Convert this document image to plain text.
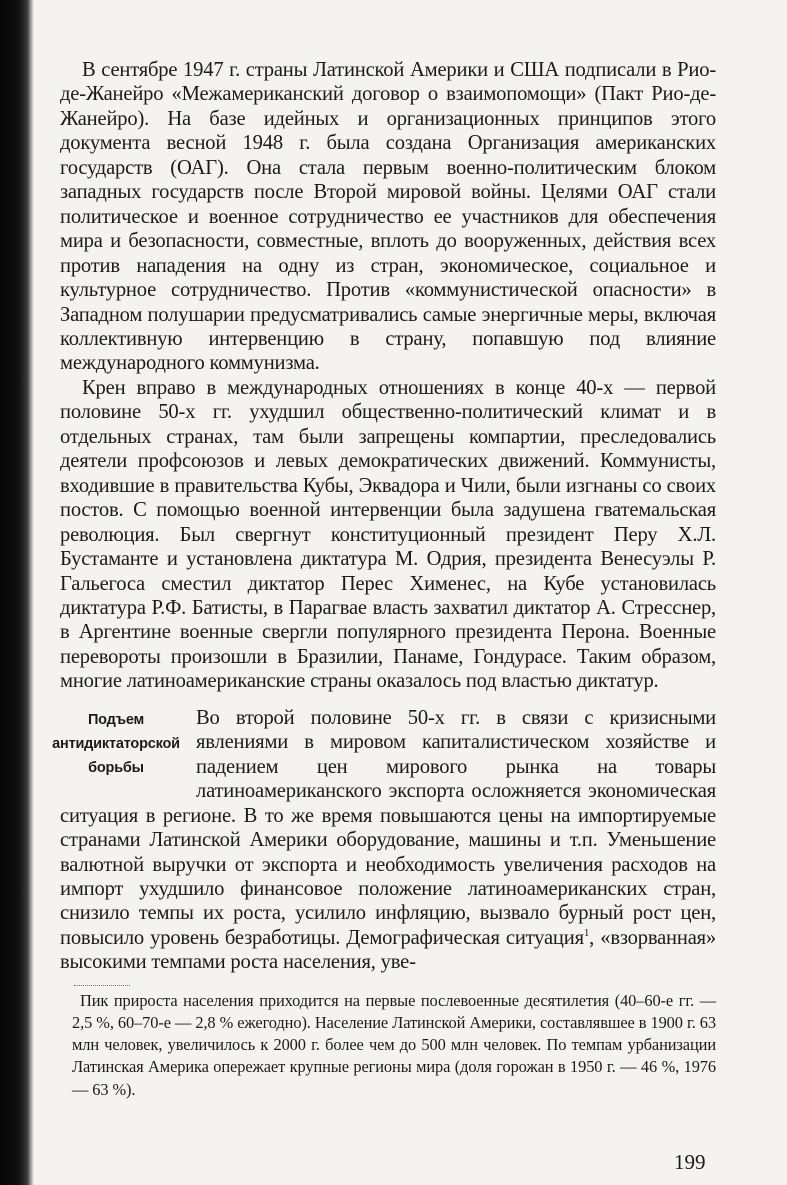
В сентябре 1947 г. страны Латинской Америки и США подписали в Рио-де-Жанейро «Межамериканский договор о взаимопомощи» (Пакт Рио-де-Жанейро). На базе идейных и организационных принципов этого документа весной 1948 г. была создана Организация американских государств (ОАГ). Она стала первым военно-политическим блоком западных государств после Второй мировой войны. Целями ОАГ стали политическое и военное сотрудничество ее участников для обеспечения мира и безопасности, совместные, вплоть до вооруженных, действия всех против нападения на одну из стран, экономическое, социальное и культурное сотрудничество. Против «коммунистической опасности» в Западном полушарии предусматривались самые энергичные меры, включая коллективную интервенцию в страну, попавшую под влияние международного коммунизма.

Крен вправо в международных отношениях в конце 40-х — первой половине 50-х гг. ухудшил общественно-политический климат и в отдельных странах, там были запрещены компартии, преследовались деятели профсоюзов и левых демократических движений. Коммунисты, входившие в правительства Кубы, Эквадора и Чили, были изгнаны со своих постов. С помощью военной интервенции была задушена гватемальская революция. Был свергнут конституционный президент Перу Х.Л. Бустаманте и установлена диктатура М. Одрия, президента Венесуэлы Р. Гальегоса сместил диктатор Перес Хименес, на Кубе установилась диктатура Р.Ф. Батисты, в Парагвае власть захватил диктатор А. Стресснер, в Аргентине военные свергли популярного президента Перона. Военные перевороты произошли в Бразилии, Панаме, Гондурасе. Таким образом, многие латиноамериканские страны оказалось под властью диктатур.

Подъем антидиктаторской борьбы
Во второй половине 50-х гг. в связи с кризисными явлениями в мировом капиталистическом хозяйстве и падением цен мирового рынка на товары латиноамериканского экспорта осложняется экономическая ситуация в регионе. В то же время повышаются цены на импортируемые странами Латинской Америки оборудование, машины и т.п. Уменьшение валютной выручки от экспорта и необходимость увеличения расходов на импорт ухудшило финансовое положение латиноамериканских стран, снизило темпы их роста, усилило инфляцию, вызвало бурный рост цен, повысило уровень безработицы. Демографическая ситуация$^1$, «взорванная» высокими темпами роста населения, уве-

Пик прироста населения приходится на первые послевоенные десятилетия (40–60-е гг. — 2,5 %, 60–70-е — 2,8 % ежегодно). Население Латинской Америки, составлявшее в 1900 г. 63 млн человек, увеличилось к 2000 г. более чем до 500 млн человек. По темпам урбанизации Латинская Америка опережает крупные регионы мира (доля горожан в 1950 г. — 46 %, 1976 — 63 %).

199
